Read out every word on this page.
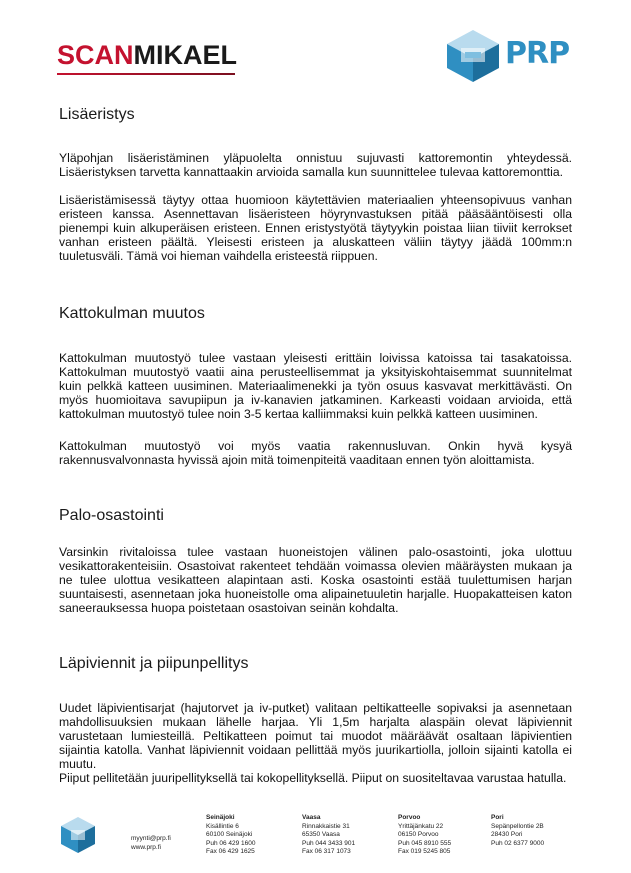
SCANMIKAEL	PRP
Lisäeristys

Yläpohjan lisäeristäminen yläpuolelta onnistuu sujuvasti kattoremontin yhteydessä. Lisäeristyksen tarvetta kannattaakin arvioida samalla kun suunnittelee tulevaa kattoremonttia.

Lisäeristämisessä täytyy ottaa huomioon käytettävien materiaalien yhteensopivuus vanhan eristeen kanssa. Asennettavan lisäeristeen höyrynvastuksen pitää pääsääntöisesti olla pienempi kuin alkuperäisen eristeen. Ennen eristystyötä täytyykin poistaa liian tiiviit kerrokset vanhan eristeen päältä. Yleisesti eristeen ja aluskatteen väliin täytyy jäädä 100mm:n tuuletusväli. Tämä voi hieman vaihdella eristeestä riippuen.

Kattokulman muutos

Kattokulman muutostyö tulee vastaan yleisesti erittäin loivissa katoissa tai tasakatoissa. Kattokulman muutostyö vaatii aina perusteellisemmat ja yksityiskohtaisemmat suunnitelmat kuin pelkkä katteen uusiminen. Materiaalimenekki ja työn osuus kasvavat merkittävästi. On myös huomioitava savupiipun ja iv-kanavien jatkaminen. Karkeasti voidaan arvioida, että kattokulman muutostyö tulee noin 3-5 kertaa kalliimmaksi kuin pelkkä katteen uusiminen.

Kattokulman muutostyö voi myös vaatia rakennusluvan. Onkin hyvä kysyä rakennusvalvonnasta hyvissä ajoin mitä toimenpiteitä vaaditaan ennen työn aloittamista.

Palo-osastointi

Varsinkin rivitaloissa tulee vastaan huoneistojen välinen palo-osastointi, joka ulottuu vesikattorakenteisiin. Osastoivat rakenteet tehdään voimassa olevien määräysten mukaan ja ne tulee ulottua vesikatteen alapintaan asti. Koska osastointi estää tuulettumisen harjan suuntaisesti, asennetaan joka huoneistolle oma alipainetuuletin harjalle. Huopakatteisen katon saneerauksessa huopa poistetaan osastoivan seinän kohdalta.

Läpiviennit ja piipunpellitys

Uudet läpivientisarjat (hajutorvet ja iv-putket) valitaan peltikatteelle sopivaksi ja asennetaan mahdollisuuksien mukaan lähelle harjaa. Yli 1,5m harjalta alaspäin olevat läpiviennit varustetaan lumiesteillä. Peltikatteen poimut tai muodot määräävät osaltaan läpivientien sijaintia katolla. Vanhat läpiviennit voidaan pellittää myös juurikartiolla, jolloin sijainti katolla ei muutu.

Piiput pellitetään juuripellityksellä tai kokopellityksellä. Piiput on suositeltavaa varustaa hatulla.

myynti@prp.fi
www.prp.fi
Seinäjoki
Kisällintie 6
60100 Seinäjoki
Puh 06 429 1600
Fax 06 429 1625
Vaasa
Rinnakkaistie 31
65350 Vaasa
Puh 044 3433 901
Fax 06 317 1073
Porvoo
Yrittäjänkatu 22
06150 Porvoo
Puh 045 8910 555
Fax 019 5245 805
Pori
Sepänpellontie 2B
28430 Pori
Puh 02 6377 9000
